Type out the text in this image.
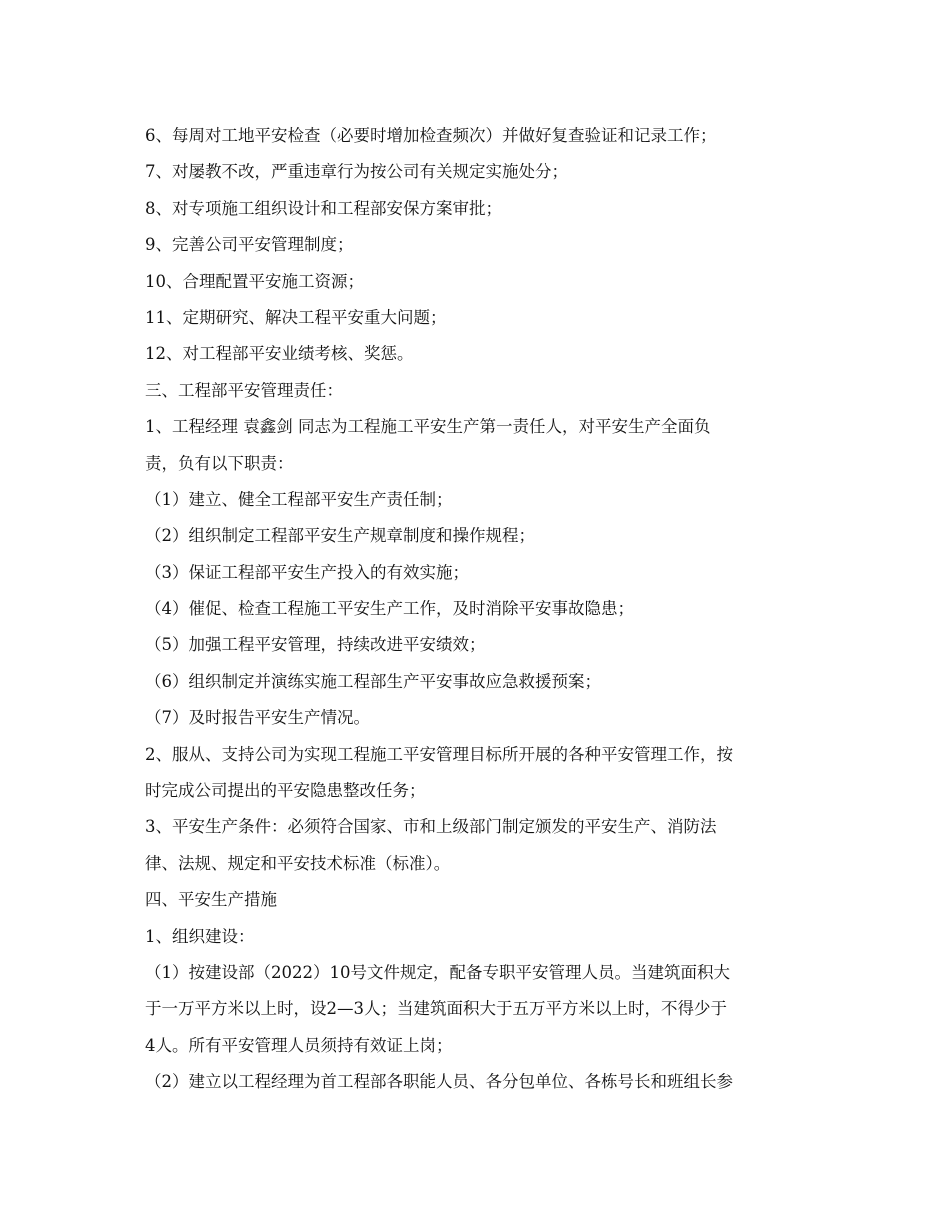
6、每周对工地平安检查（必要时增加检查频次）并做好复查验证和记录工作；
7、对屡教不改，严重违章行为按公司有关规定实施处分；
8、对专项施工组织设计和工程部安保方案审批；
9、完善公司平安管理制度；
10、合理配置平安施工资源；
11、定期研究、解决工程平安重大问题；
12、对工程部平安业绩考核、奖惩。
三、工程部平安管理责任：
1、工程经理 袁鑫剑 同志为工程施工平安生产第一责任人，对平安生产全面负
责，负有以下职责：
（1）建立、健全工程部平安生产责任制；
（2）组织制定工程部平安生产规章制度和操作规程；
（3）保证工程部平安生产投入的有效实施；
（4）催促、检查工程施工平安生产工作，及时消除平安事故隐患；
（5）加强工程平安管理，持续改进平安绩效；
（6）组织制定并演练实施工程部生产平安事故应急救援预案；
（7）及时报告平安生产情况。
2、服从、支持公司为实现工程施工平安管理目标所开展的各种平安管理工作，按
时完成公司提出的平安隐患整改任务；
3、平安生产条件：必须符合国家、市和上级部门制定颁发的平安生产、消防法
律、法规、规定和平安技术标准（标准）。
四、平安生产措施
1、组织建设：
（1）按建设部（2022）10号文件规定，配备专职平安管理人员。当建筑面积大
于一万平方米以上时，设2—3人；当建筑面积大于五万平方米以上时，不得少于
4人。所有平安管理人员须持有效证上岗；
（2）建立以工程经理为首工程部各职能人员、各分包单位、各栋号长和班组长参
